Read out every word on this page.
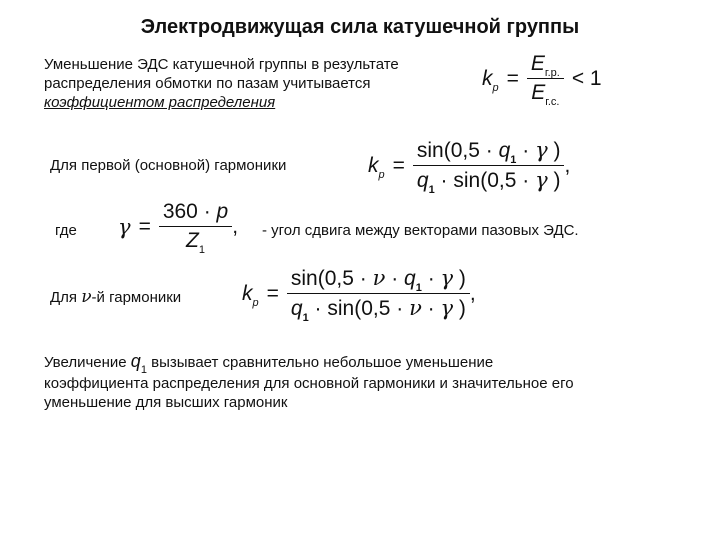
Электродвижущая сила катушечной группы
Уменьшение ЭДС катушечной группы в результате
распределения обмотки по пазам учитывается
коэффициентом распределения
$k_р = \frac{E_{г.р.}}{E_{г.с.}} < 1$
Для первой (основной) гармоники	$k_р = \frac{\sin(0,5 \cdot q_1 \cdot \gamma )}{q_1 \cdot \sin(0,5 \cdot \gamma )}$ ,
где $\gamma = \frac{360 \cdot p}{Z_1}$ , - угол сдвига между векторами пазовых ЭДС.
Для ν-й гармоники	$k_р = \frac{\sin(0,5 \cdot \nu \cdot q_1 \cdot \gamma )}{q_1 \cdot \sin(0,5 \cdot \nu \cdot \gamma )}$ ,
Увеличение $q_1$ вызывает сравнительно небольшое уменьшение
коэффициента распределения для основной гармоники и значительное его
уменьшение для высших гармоник
